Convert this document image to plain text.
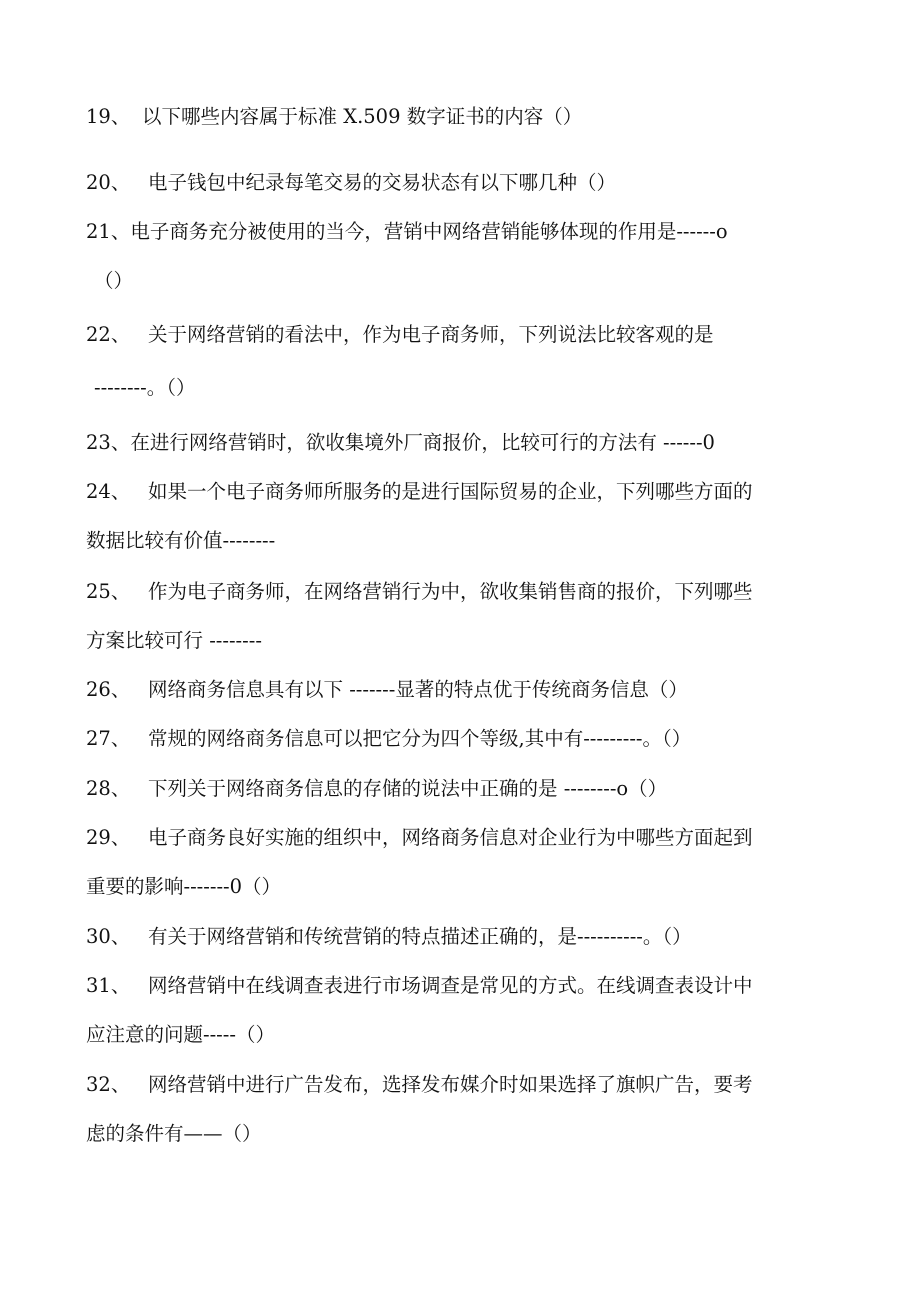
19、 以下哪些内容属于标准 X.509 数字证书的内容（）
20、 电子钱包中纪录每笔交易的交易状态有以下哪几种（）
21、电子商务充分被使用的当今，营销中网络营销能够体现的作用是------o
（）
22、 关于网络营销的看法中，作为电子商务师，下列说法比较客观的是
--------。（）
23、在进行网络营销时，欲收集境外厂商报价，比较可行的方法有 ------0
24、 如果一个电子商务师所服务的是进行国际贸易的企业，下列哪些方面的
数据比较有价值--------
25、 作为电子商务师，在网络营销行为中，欲收集销售商的报价，下列哪些
方案比较可行 --------
26、 网络商务信息具有以下 -------显著的特点优于传统商务信息（）
27、 常规的网络商务信息可以把它分为四个等级,其中有---------。（）
28、 下列关于网络商务信息的存储的说法中正确的是 --------o（）
29、 电子商务良好实施的组织中，网络商务信息对企业行为中哪些方面起到
重要的影响-------0（）
30、 有关于网络营销和传统营销的特点描述正确的，是----------。（）
31、 网络营销中在线调查表进行市场调查是常见的方式。在线调查表设计中
应注意的问题-----（）
32、 网络营销中进行广告发布，选择发布媒介时如果选择了旗帜广告，要考
虑的条件有——（）
